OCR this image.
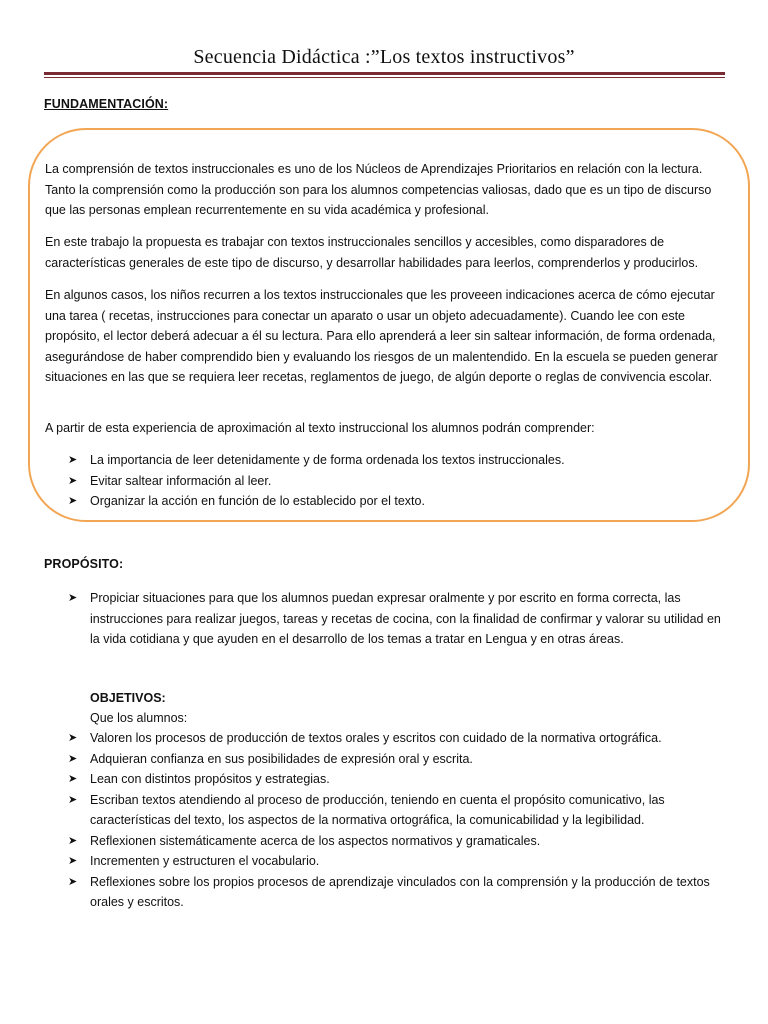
Secuencia Didáctica :”Los textos instructivos”
FUNDAMENTACIÓN:

La comprensión de textos instruccionales es uno de los Núcleos de Aprendizajes Prioritarios en relación con la lectura. Tanto la comprensión como la producción son para los alumnos competencias valiosas, dado que es un tipo de discurso que las personas emplean recurrentemente en su vida académica y profesional.

En este trabajo la propuesta es trabajar con textos instruccionales sencillos y accesibles, como disparadores de características generales de este tipo de discurso, y desarrollar habilidades para leerlos, comprenderlos y producirlos.

En algunos casos, los niños recurren a los textos instruccionales que les proveeen indicaciones acerca de cómo ejecutar una tarea ( recetas, instrucciones para conectar un aparato o usar un objeto adecuadamente). Cuando lee con este propósito, el lector deberá adecuar a él su lectura. Para ello aprenderá a leer sin saltear información, de forma ordenada, asegurándose de haber comprendido bien y evaluando los riesgos de un malentendido. En la escuela se pueden generar situaciones en las que se requiera leer recetas, reglamentos de juego, de algún deporte o reglas de convivencia escolar.

A partir de esta experiencia de aproximación al texto instruccional los alumnos podrán comprender:

➤ La importancia de leer detenidamente y de forma ordenada los textos instruccionales.
➤ Evitar saltear información al leer.
➤ Organizar la acción en función de lo establecido por el texto.
PROPÓSITO:
➤ Propiciar situaciones para que los alumnos puedan expresar oralmente y por escrito en forma correcta, las instrucciones para realizar juegos, tareas y recetas de cocina, con la finalidad de confirmar y valorar su utilidad en la vida cotidiana y que ayuden en el desarrollo de los temas a tratar en Lengua y en otras áreas.
OBJETIVOS:
Que los alumnos:
➤ Valoren los procesos de producción de textos orales y escritos con cuidado de la normativa ortográfica.
➤ Adquieran confianza en sus posibilidades de expresión oral y escrita.
➤ Lean con distintos propósitos y estrategias.
➤ Escriban textos atendiendo al proceso de producción, teniendo en cuenta el propósito comunicativo, las características del texto, los aspectos de la normativa ortográfica, la comunicabilidad y la legibilidad.
➤ Reflexionen sistemáticamente acerca de los aspectos normativos y gramaticales.
➤ Incrementen y estructuren el vocabulario.
➤ Reflexiones sobre los propios procesos de aprendizaje vinculados con la comprensión y la producción de textos orales y escritos.
